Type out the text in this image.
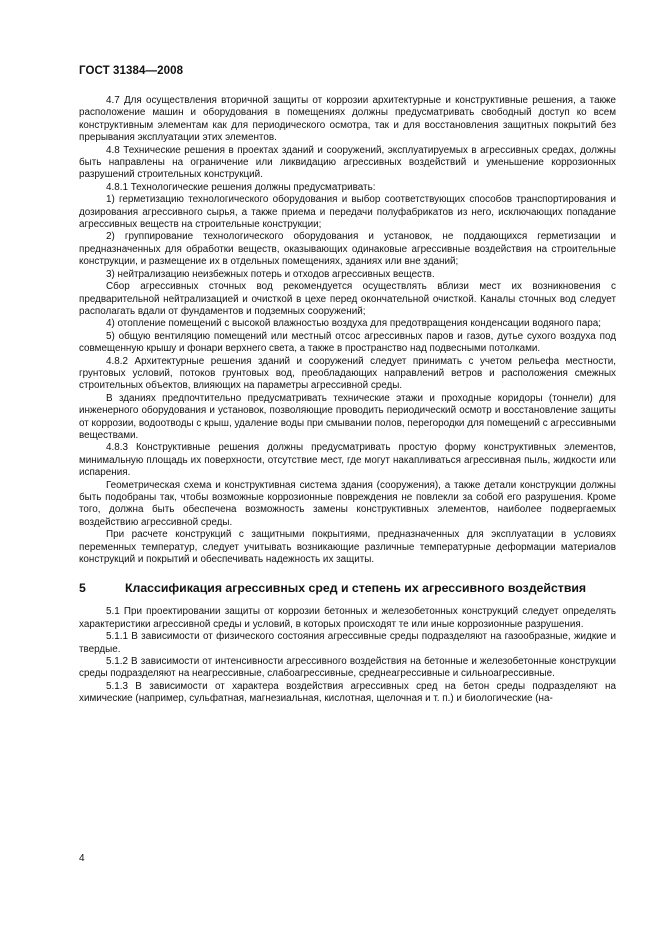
ГОСТ 31384—2008

4.7 Для осуществления вторичной защиты от коррозии архитектурные и конструктивные решения, а также расположение машин и оборудования в помещениях должны предусматривать свободный доступ ко всем конструктивным элементам как для периодического осмотра, так и для восстановления защитных покрытий без прерывания эксплуатации этих элементов.

4.8 Технические решения в проектах зданий и сооружений, эксплуатируемых в агрессивных средах, должны быть направлены на ограничение или ликвидацию агрессивных воздействий и уменьшение коррозионных разрушений строительных конструкций.

4.8.1 Технологические решения должны предусматривать:

1) герметизацию технологического оборудования и выбор соответствующих способов транспортирования и дозирования агрессивного сырья, а также приема и передачи полуфабрикатов из него, исключающих попадание агрессивных веществ на строительные конструкции;

2) группирование технологического оборудования и установок, не поддающихся герметизации и предназначенных для обработки веществ, оказывающих одинаковые агрессивные воздействия на строительные конструкции, и размещение их в отдельных помещениях, зданиях или вне зданий;

3) нейтрализацию неизбежных потерь и отходов агрессивных веществ.

Сбор агрессивных сточных вод рекомендуется осуществлять вблизи мест их возникновения с предварительной нейтрализацией и очисткой в цехе перед окончательной очисткой. Каналы сточных вод следует располагать вдали от фундаментов и подземных сооружений;

4) отопление помещений с высокой влажностью воздуха для предотвращения конденсации водяного пара;

5) общую вентиляцию помещений или местный отсос агрессивных паров и газов, дутье сухого воздуха под совмещенную крышу и фонари верхнего света, а также в пространство над подвесными потолками.

4.8.2 Архитектурные решения зданий и сооружений следует принимать с учетом рельефа местности, грунтовых условий, потоков грунтовых вод, преобладающих направлений ветров и расположения смежных строительных объектов, влияющих на параметры агрессивной среды.

В зданиях предпочтительно предусматривать технические этажи и проходные коридоры (тоннели) для инженерного оборудования и установок, позволяющие проводить периодический осмотр и восстановление защиты от коррозии, водоотводы с крыш, удаление воды при смывании полов, перегородки для помещений с агрессивными веществами.

4.8.3 Конструктивные решения должны предусматривать простую форму конструктивных элементов, минимальную площадь их поверхности, отсутствие мест, где могут накапливаться агрессивная пыль, жидкости или испарения.

Геометрическая схема и конструктивная система здания (сооружения), а также детали конструкции должны быть подобраны так, чтобы возможные коррозионные повреждения не повлекли за собой его разрушения. Кроме того, должна быть обеспечена возможность замены конструктивных элементов, наиболее подвергаемых воздействию агрессивной среды.

При расчете конструкций с защитными покрытиями, предназначенных для эксплуатации в условиях переменных температур, следует учитывать возникающие различные температурные деформации материалов конструкций и покрытий и обеспечивать надежность их защиты.

5	Классификация агрессивных сред и степень их агрессивного воздействия

5.1 При проектировании защиты от коррозии бетонных и железобетонных конструкций следует определять характеристики агрессивной среды и условий, в которых происходят те или иные коррозионные разрушения.

5.1.1 В зависимости от физического состояния агрессивные среды подразделяют на газообразные, жидкие и твердые.

5.1.2 В зависимости от интенсивности агрессивного воздействия на бетонные и железобетонные конструкции среды подразделяют на неагрессивные, слабоагрессивные, среднеагрессивные и сильноагрессивные.

5.1.3 В зависимости от характера воздействия агрессивных сред на бетон среды подразделяют на химические (например, сульфатная, магнезиальная, кислотная, щелочная и т. п.) и биологические (на-

4
